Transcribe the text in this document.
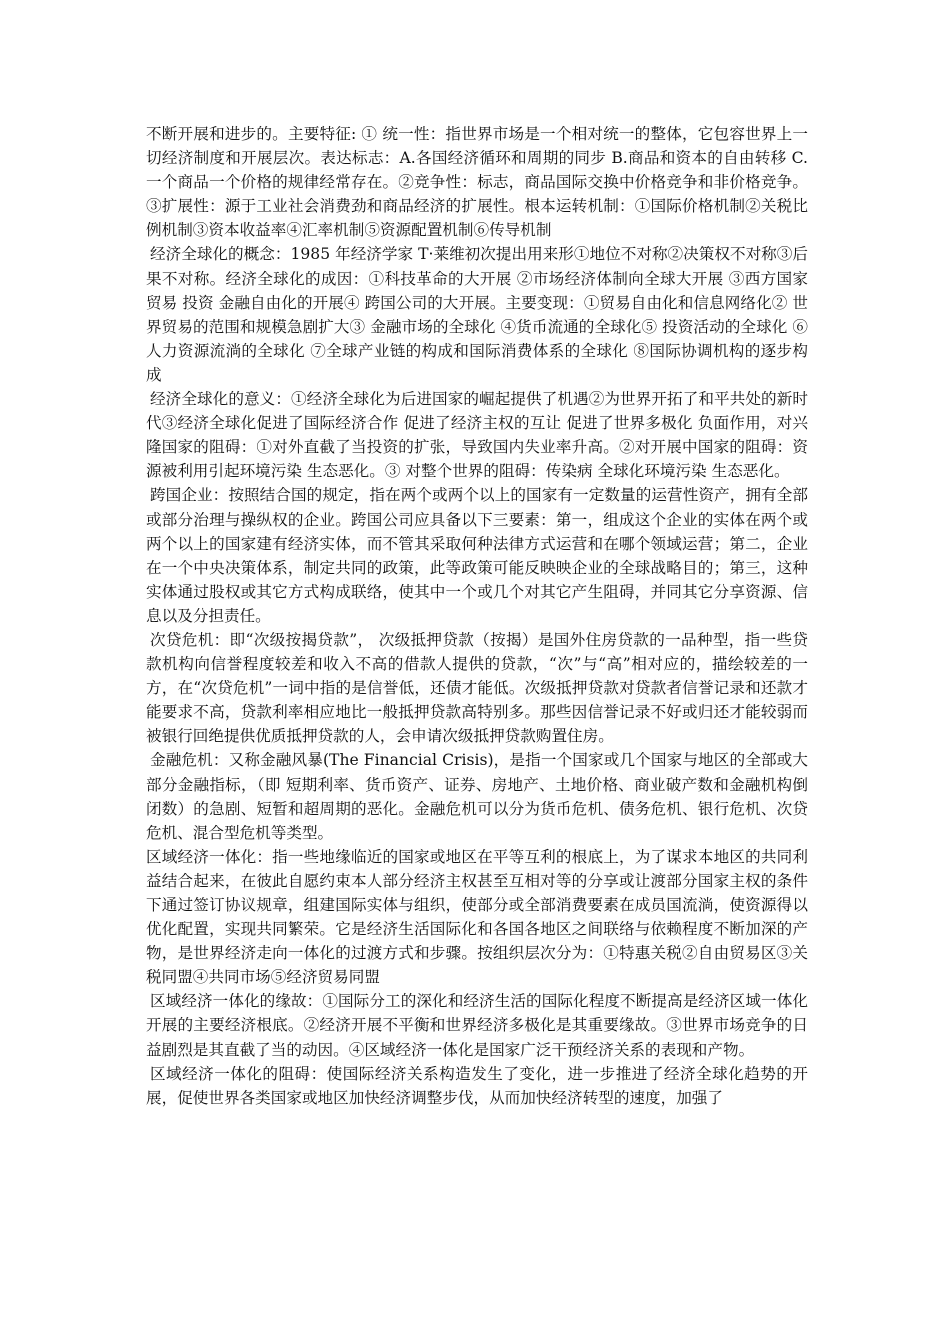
不断开展和进步的。主要特征: ① 统一性：指世界市场是一个相对统一的整体，它包容世界上一切经济制度和开展层次。表达标志：A.各国经济循环和周期的同步 B.商品和资本的自由转移 C.一个商品一个价格的规律经常存在。②竞争性：标志，商品国际交换中价格竞争和非价格竞争。③扩展性：源于工业社会消费劲和商品经济的扩展性。根本运转机制：①国际价格机制②关税比例机制③资本收益率④汇率机制⑤资源配置机制⑥传导机制

经济全球化的概念：1985 年经济学家 T·莱维初次提出用来形①地位不对称②决策权不对称③后果不对称。经济全球化的成因：①科技革命的大开展 ②市场经济体制向全球大开展 ③西方国家贸易 投资 金融自由化的开展④ 跨国公司的大开展。主要变现：①贸易自由化和信息网络化② 世界贸易的范围和规模急剧扩大③ 金融市场的全球化 ④货币流通的全球化⑤ 投资活动的全球化 ⑥人力资源流淌的全球化 ⑦全球产业链的构成和国际消费体系的全球化 ⑧国际协调机构的逐步构成

经济全球化的意义：①经济全球化为后进国家的崛起提供了机遇②为世界开拓了和平共处的新时代③经济全球化促进了国际经济合作 促进了经济主权的互让 促进了世界多极化 负面作用，对兴隆国家的阻碍：①对外直截了当投资的扩张，导致国内失业率升高。②对开展中国家的阻碍：资源被利用引起环境污染 生态恶化。③ 对整个世界的阻碍：传染病 全球化环境污染 生态恶化。

跨国企业：按照结合国的规定，指在两个或两个以上的国家有一定数量的运营性资产，拥有全部或部分治理与操纵权的企业。跨国公司应具备以下三要素：第一，组成这个企业的实体在两个或两个以上的国家建有经济实体，而不管其采取何种法律方式运营和在哪个领域运营；第二，企业在一个中央决策体系，制定共同的政策，此等政策可能反映映企业的全球战略目的；第三，这种实体通过股权或其它方式构成联络，使其中一个或几个对其它产生阻碍，并同其它分享资源、信息以及分担责任。

次贷危机：即“次级按揭贷款”， 次级抵押贷款（按揭）是国外住房贷款的一品种型，指一些贷款机构向信誉程度较差和收入不高的借款人提供的贷款，“次”与“高”相对应的，描绘较差的一方，在“次贷危机”一词中指的是信誉低，还债才能低。次级抵押贷款对贷款者信誉记录和还款才能要求不高，贷款利率相应地比一般抵押贷款高特别多。那些因信誉记录不好或归还才能较弱而被银行回绝提供优质抵押贷款的人，会申请次级抵押贷款购置住房。

金融危机：又称金融风暴(The Financial Crisis)，是指一个国家或几个国家与地区的全部或大部分金融指标，（即 短期利率、货币资产、证券、房地产、土地价格、商业破产数和金融机构倒闭数）的急剧、短暂和超周期的恶化。金融危机可以分为货币危机、债务危机、银行危机、次贷危机、混合型危机等类型。

区域经济一体化：指一些地缘临近的国家或地区在平等互利的根底上，为了谋求本地区的共同利益结合起来，在彼此自愿约束本人部分经济主权甚至互相对等的分享或让渡部分国家主权的条件下通过签订协议规章，组建国际实体与组织，使部分或全部消费要素在成员国流淌，使资源得以优化配置，实现共同繁荣。它是经济生活国际化和各国各地区之间联络与依赖程度不断加深的产物，是世界经济走向一体化的过渡方式和步骤。按组织层次分为：①特惠关税②自由贸易区③关税同盟④共同市场⑤经济贸易同盟

区域经济一体化的缘故：①国际分工的深化和经济生活的国际化程度不断提高是经济区域一体化开展的主要经济根底。②经济开展不平衡和世界经济多极化是其重要缘故。③世界市场竞争的日益剧烈是其直截了当的动因。④区域经济一体化是国家广泛干预经济关系的表现和产物。

区域经济一体化的阻碍：使国际经济关系构造发生了变化，进一步推进了经济全球化趋势的开展，促使世界各类国家或地区加快经济调整步伐，从而加快经济转型的速度，加强了
